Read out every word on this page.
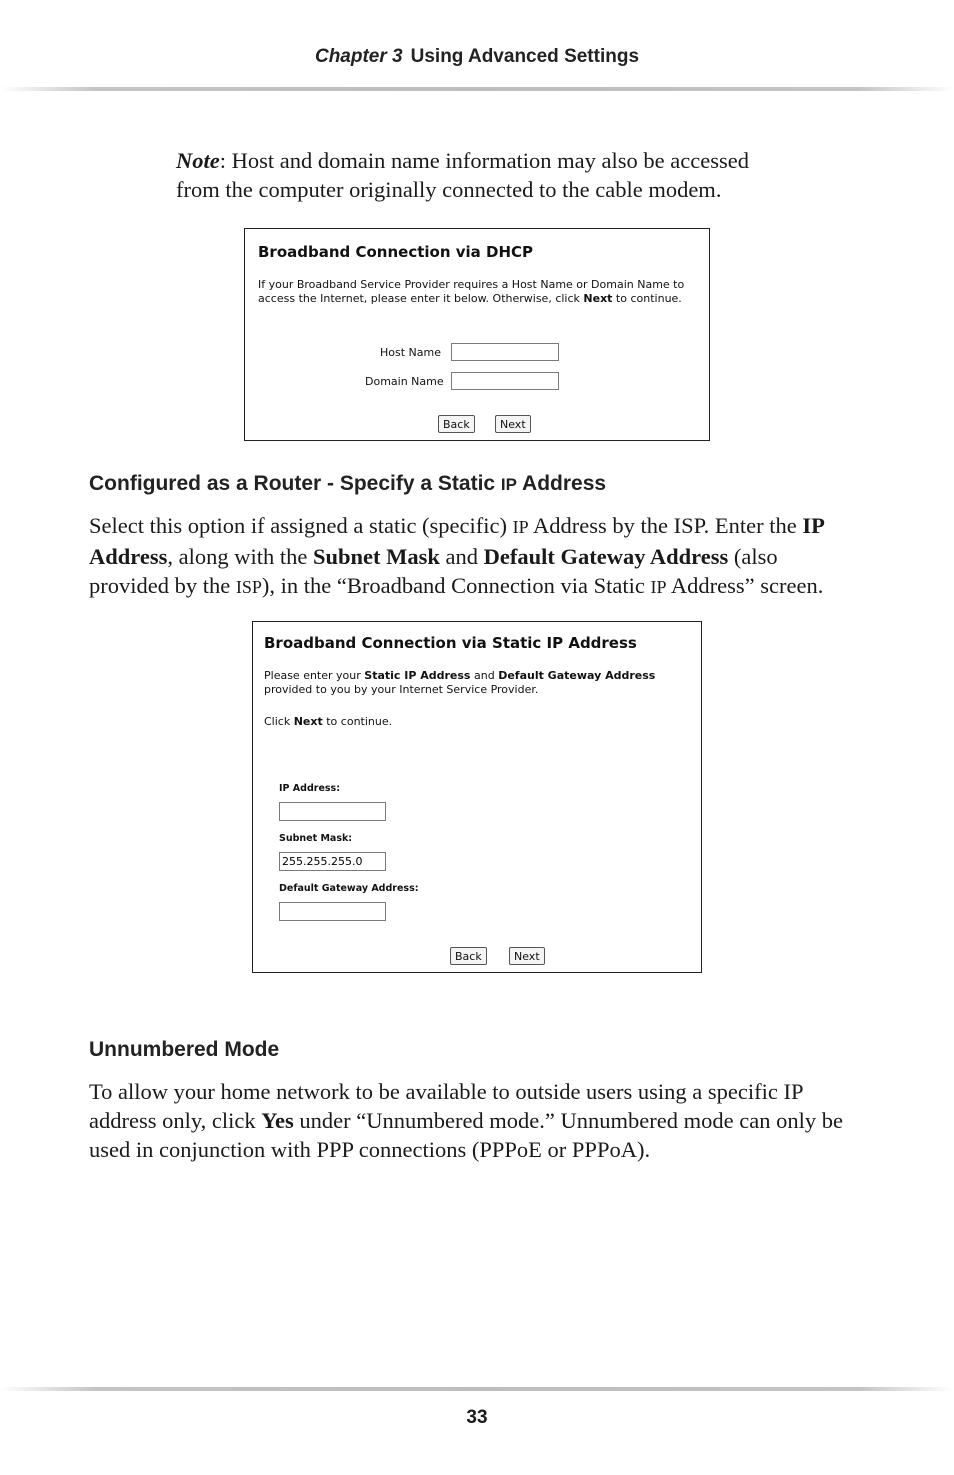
Chapter 3 Using Advanced Settings
Note: Host and domain name information may also be accessed from the computer originally connected to the cable modem.
Broadband Connection via DHCP
If your Broadband Service Provider requires a Host Name or Domain Name to access the Internet, please enter it below. Otherwise, click Next to continue.
Host Name
Domain Name
Back	Next
Configured as a Router - Specify a Static IP Address
Select this option if assigned a static (specific) IP Address by the ISP. Enter the IP Address, along with the Subnet Mask and Default Gateway Address (also provided by the ISP), in the “Broadband Connection via Static IP Address” screen.
Broadband Connection via Static IP Address
Please enter your Static IP Address and Default Gateway Address provided to you by your Internet Service Provider.
Click Next to continue.
IP Address:
Subnet Mask:
255.255.255.0
Default Gateway Address:
Back	Next
Unnumbered Mode
To allow your home network to be available to outside users using a specific IP address only, click Yes under “Unnumbered mode.” Unnumbered mode can only be used in conjunction with PPP connections (PPPoE or PPPoA).
33
